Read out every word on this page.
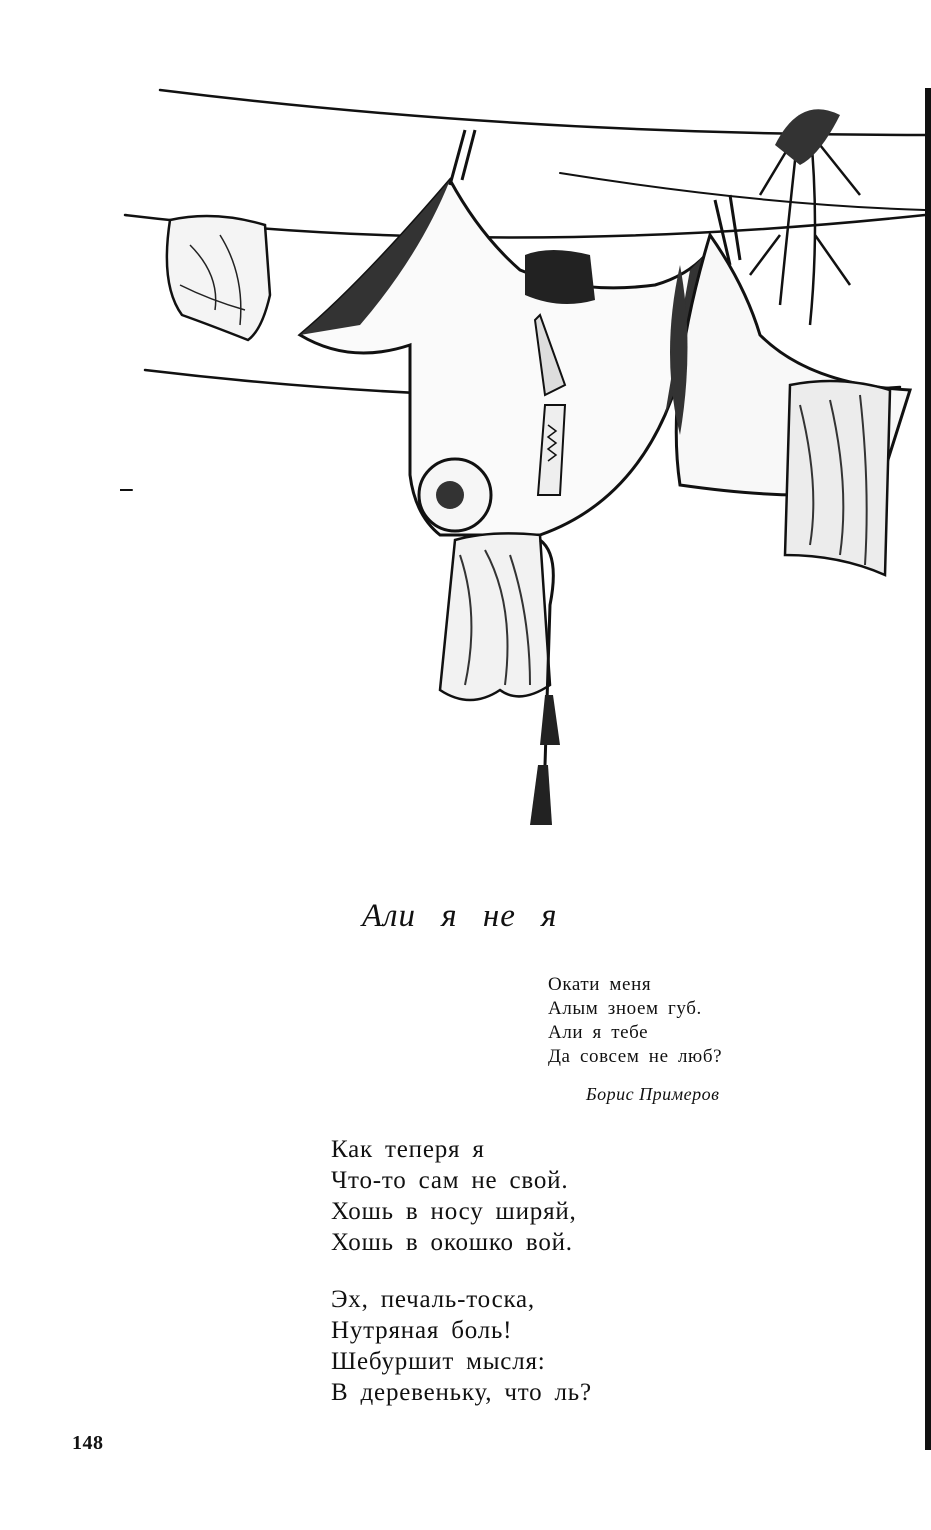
Али я не я
Окати меня
Алым зноем губ.
Али я тебе
Да совсем не люб?
Борис Примеров
Как теперя я
Что-то сам не свой.
Хошь в носу ширяй,
Хошь в окошко вой.
Эх, печаль-тоска,
Нутряная боль!
Шебуршит мысля:
В деревеньку, что ль?
148
